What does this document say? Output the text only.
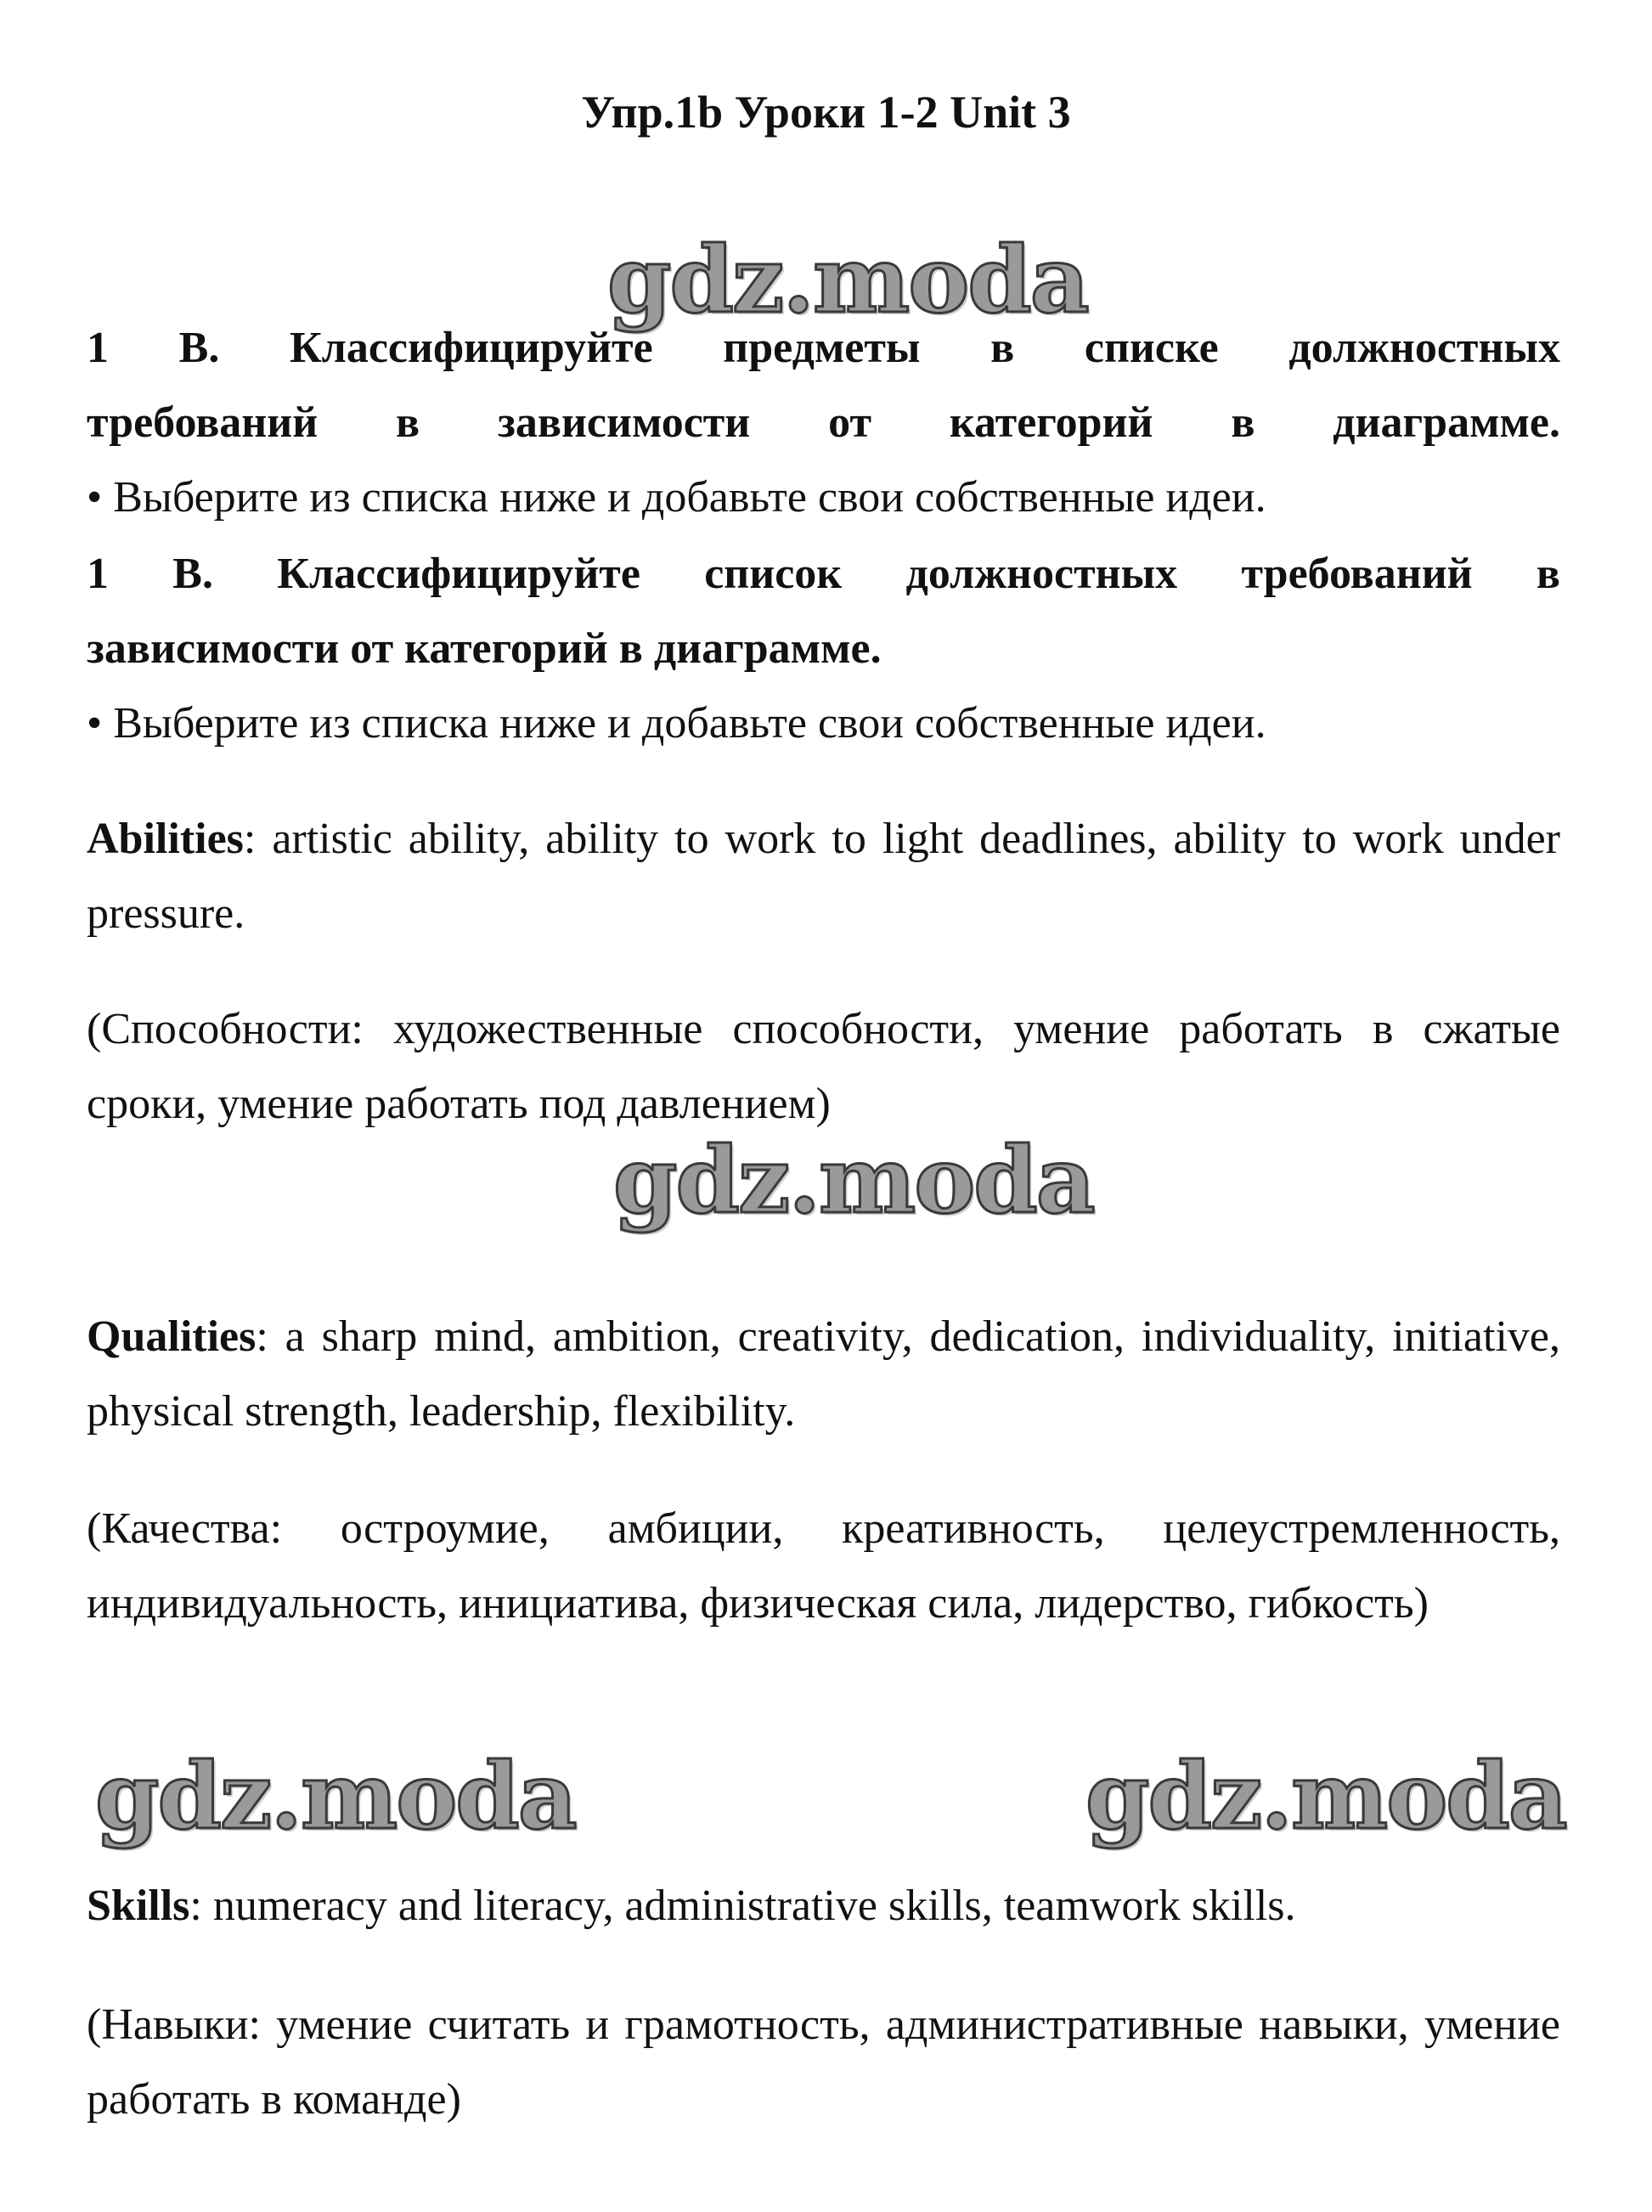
Упр.1b Уроки 1-2 Unit 3
gdz.moda
1 B. Классифицируйте предметы в списке должностных
требований в зависимости от категорий в диаграмме.
• Выберите из списка ниже и добавьте свои собственные идеи.
1 B. Классифицируйте список должностных требований в
зависимости от категорий в диаграмме.
• Выберите из списка ниже и добавьте свои собственные идеи.
Abilities: artistic ability, ability to work to light deadlines, ability to work under pressure.
(Способности: художественные способности, умение работать в сжатые сроки, умение работать под давлением)
gdz.moda
Qualities: a sharp mind, ambition, creativity, dedication, individuality, initiative, physical strength, leadership, flexibility.
(Качества: остроумие, амбиции, креативность, целеустремленность, индивидуальность, инициатива, физическая сила, лидерство, гибкость)
gdz.moda	gdz.moda
Skills: numeracy and literacy, administrative skills, teamwork skills.
(Навыки: умение считать и грамотность, административные навыки, умение работать в команде)
